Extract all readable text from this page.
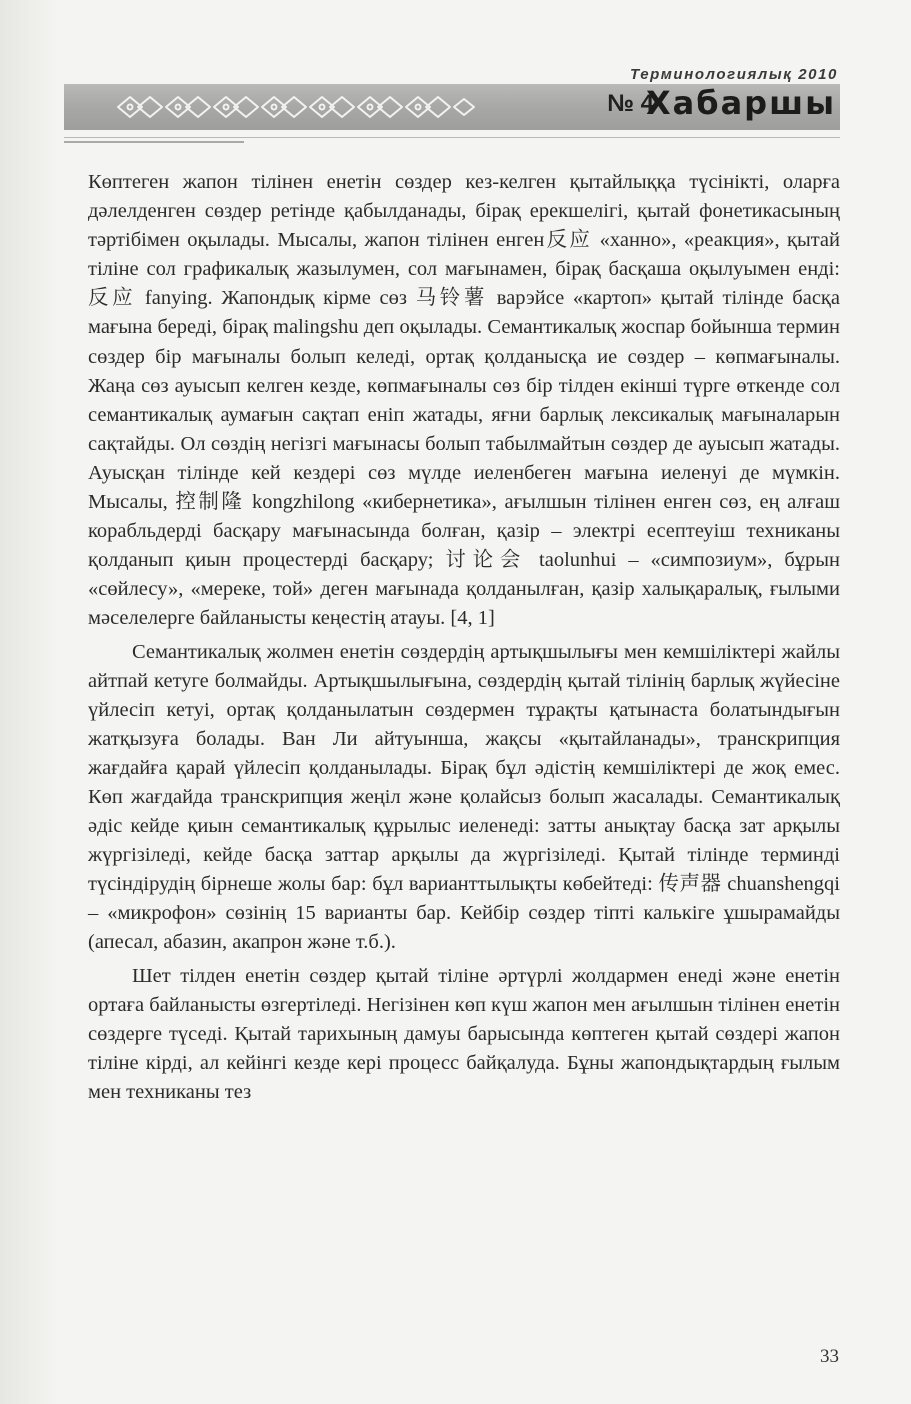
Терминологиялық 2010
№ 4
Хабаршы

Көптеген жапон тілінен енетін сөздер кез-келген қытайлыққа түсінікті, оларға дәлелденген сөздер ретінде қабылданады, бірақ ерекшелігі, қытай фонетикасының тәртібімен оқылады. Мысалы, жапон тілінен енген反应 «ханно», «реакция», қытай тіліне сол графикалық жазылумен, сол мағынамен, бірақ басқаша оқылуымен енді: 反应 fanying. Жапондық кірме сөз 马铃薯 варэйсе «картоп» қытай тілінде басқа мағына береді, бірақ malingshu деп оқылады. Семантикалық жоспар бойынша термин сөздер бір мағыналы болып келеді, ортақ қолданысқа ие сөздер – көпмағыналы. Жаңа сөз ауысып келген кезде, көпмағыналы сөз бір тілден екінші түрге өткенде сол семантикалық аумағын сақтап еніп жатады, яғни барлық лексикалық мағыналарын сақтайды. Ол сөздің негізгі мағынасы болып табылмайтын сөздер де ауысып жатады. Ауысқан тілінде кей кездері сөз мүлде иеленбеген мағына иеленуі де мүмкін. Мысалы, 控制隆 kongzhilong «кибернетика», ағылшын тілінен енген сөз, ең алғаш корабльдерді басқару мағынасында болған, қазір – электрі есептеуіш техниканы қолданып қиын процестерді басқару; 讨论会 taolunhui – «симпозиум», бұрын «сөйлесу», «мереке, той» деген мағынада қолданылған, қазір халықаралық, ғылыми мәселелерге байланысты кеңестің атауы. [4, 1]

Семантикалық жолмен енетін сөздердің артықшылығы мен кемшіліктері жайлы айтпай кетуге болмайды. Артықшылығына, сөздердің қытай тілінің барлық жүйесіне үйлесіп кетуі, ортақ қолданылатын сөздермен тұрақты қатынаста болатындығын жатқызуға болады. Ван Ли айтуынша, жақсы «қытайланады», транскрипция жағдайға қарай үйлесіп қолданылады. Бірақ бұл әдістің кемшіліктері де жоқ емес. Көп жағдайда транскрипция жеңіл және қолайсыз болып жасалады. Семантикалық әдіс кейде қиын семантикалық құрылыс иеленеді: затты анықтау басқа зат арқылы жүргізіледі, кейде басқа заттар арқылы да жүргізіледі. Қытай тілінде терминді түсіндірудің бірнеше жолы бар: бұл варианттылықты көбейтеді: 传声器 chuanshengqi – «микрофон» сөзінің 15 варианты бар. Кейбір сөздер тіпті калькіге ұшырамайды (апесал, абазин, акапрон және т.б.).

Шет тілден енетін сөздер қытай тіліне әртүрлі жолдармен енеді және енетін ортаға байланысты өзгертіледі. Негізінен көп күш жапон мен ағылшын тілінен енетін сөздерге түседі. Қытай тарихының дамуы барысында көптеген қытай сөздері жапон тіліне кірді, ал кейінгі кезде кері процесс байқалуда. Бұны жапондықтардың ғылым мен техниканы тез

33
